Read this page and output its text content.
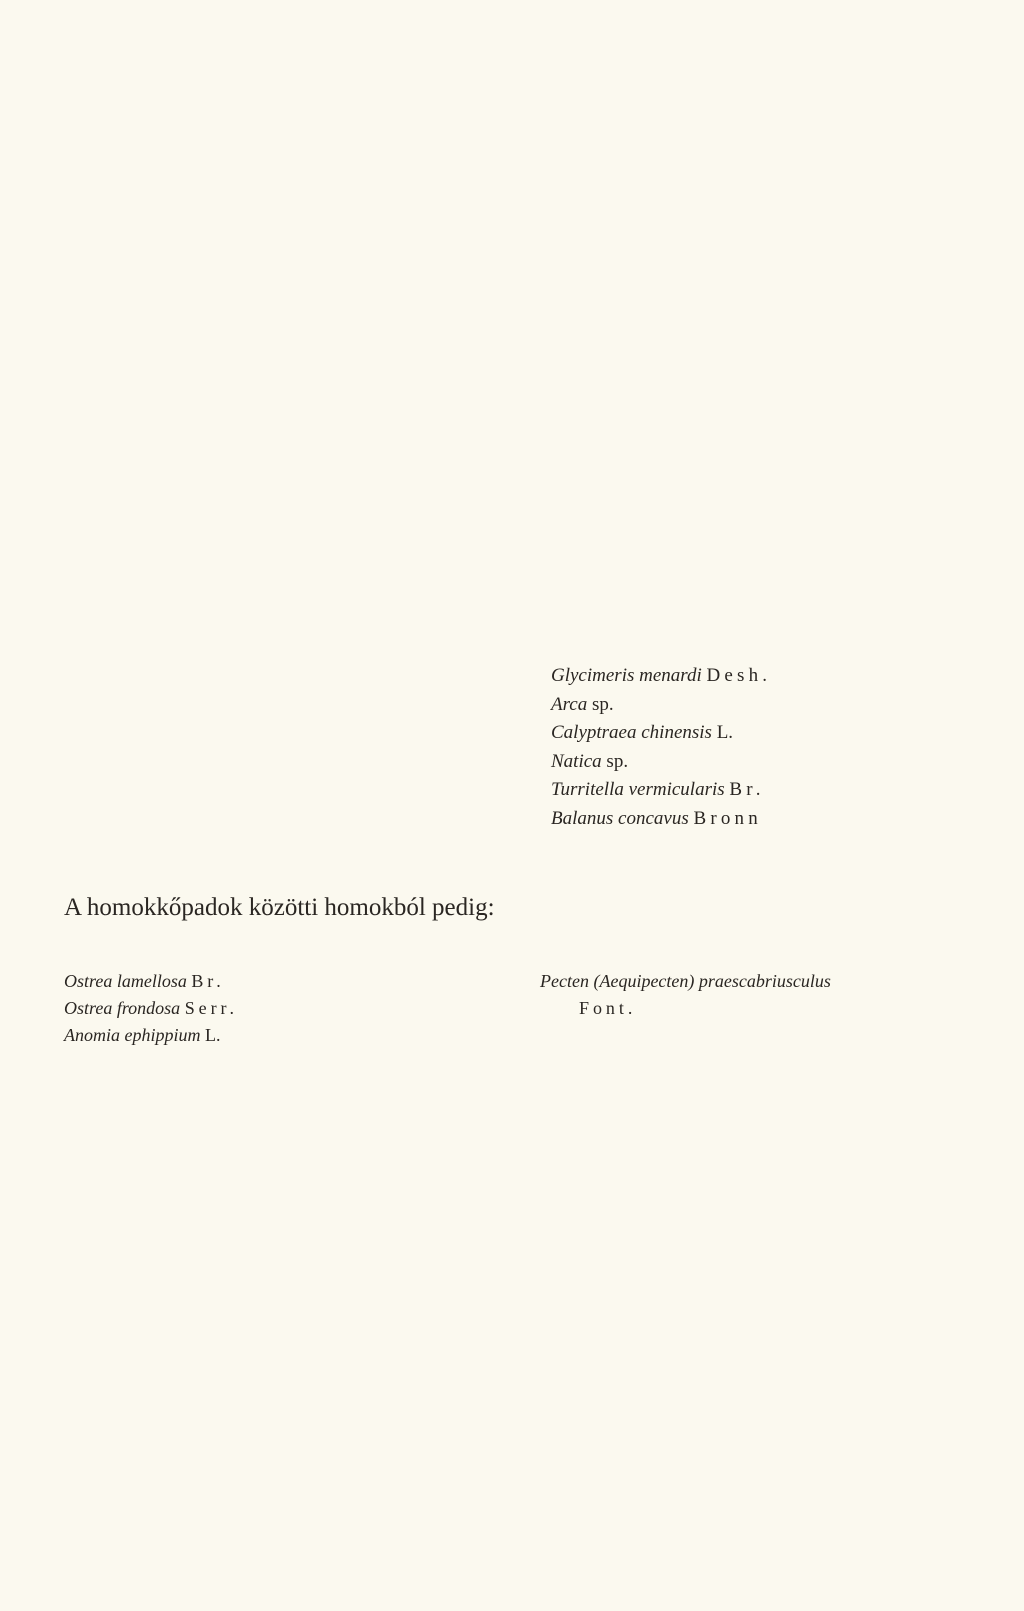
Glycimeris menardi Desh.
Arca sp.
Calyptraea chinensis L.
Natica sp.
Turritella vermicularis Br.
Balanus concavus Bronn
A homokkőpadok közötti homokból pedig:
Ostrea lamellosa Br.
Ostrea frondosa Serr.
Anomia ephippium L.
Pecten (Aequipecten) praescabriusculus
Font.
